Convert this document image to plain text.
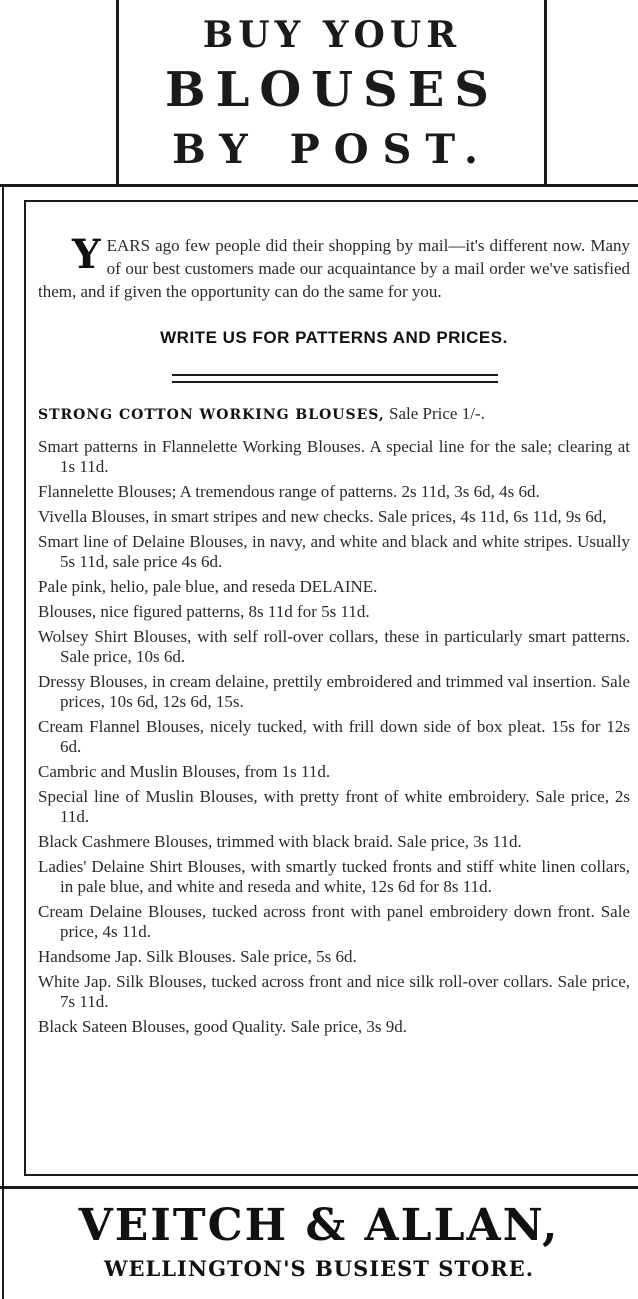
BUY YOUR
BLOUSES
BY POST.
Y EARS ago few people did their shopping by mail—it's different now. Many of our best customers made our acquaintance by a mail order we've satisfied them, and if given the opportunity can do the same for you.

WRITE US FOR PATTERNS AND PRICES.
STRONG COTTON WORKING BLOUSES, Sale Price 1/-.

Smart patterns in Flannelette Working Blouses. A special line for the sale; clearing at 1s 11d.

Flannelette Blouses; A tremendous range of patterns. 2s 11d, 3s 6d, 4s 6d.

Vivella Blouses, in smart stripes and new checks. Sale prices, 4s 11d, 6s 11d, 9s 6d,

Smart line of Delaine Blouses, in navy, and white and black and white stripes. Usually 5s 11d, sale price 4s 6d.

Pale pink, helio, pale blue, and reseda DELAINE.

Blouses, nice figured patterns, 8s 11d for 5s 11d.

Wolsey Shirt Blouses, with self roll-over collars, these in particularly smart patterns. Sale price, 10s 6d.

Dressy Blouses, in cream delaine, prettily embroidered and trimmed val insertion. Sale prices, 10s 6d, 12s 6d, 15s.

Cream Flannel Blouses, nicely tucked, with frill down side of box pleat. 15s for 12s 6d.

Cambric and Muslin Blouses, from 1s 11d.

Special line of Muslin Blouses, with pretty front of white embroidery. Sale price, 2s 11d.

Black Cashmere Blouses, trimmed with black braid. Sale price, 3s 11d.

Ladies' Delaine Shirt Blouses, with smartly tucked fronts and stiff white linen collars, in pale blue, and white and reseda and white, 12s 6d for 8s 11d.

Cream Delaine Blouses, tucked across front with panel embroidery down front. Sale price, 4s 11d.

Handsome Jap. Silk Blouses. Sale price, 5s 6d.

White Jap. Silk Blouses, tucked across front and nice silk roll-over collars. Sale price, 7s 11d.

Black Sateen Blouses, good Quality. Sale price, 3s 9d.

VEITCH & ALLAN,
WELLINGTON'S BUSIEST STORE.
